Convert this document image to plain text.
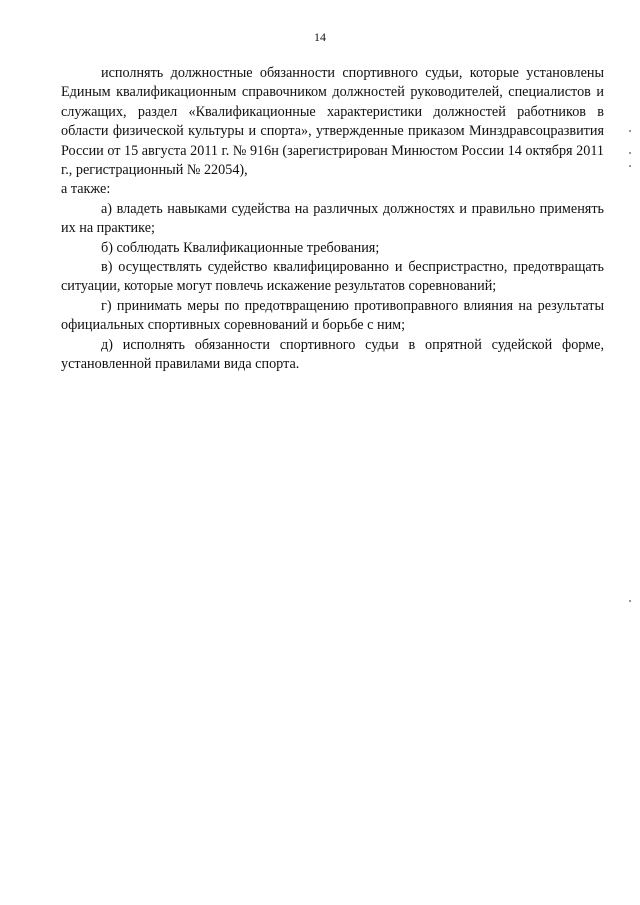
14

исполнять должностные обязанности спортивного судьи, которые установлены Единым квалификационным справочником должностей руководителей, специалистов и служащих, раздел «Квалификационные характеристики должностей работников в области физической культуры и спорта», утвержденные приказом Минздравсоцразвития России от 15 августа 2011 г. № 916н (зарегистрирован Минюстом России 14 октября 2011 г., регистрационный № 22054),

а также:

а) владеть навыками судейства на различных должностях и правильно применять их на практике;

б) соблюдать Квалификационные требования;

в) осуществлять судейство квалифицированно и беспристрастно, предотвращать ситуации, которые могут повлечь искажение результатов соревнований;

г) принимать меры по предотвращению противоправного влияния на результаты официальных спортивных соревнований и борьбе с ним;

д) исполнять обязанности спортивного судьи в опрятной судейской форме, установленной правилами вида спорта.
